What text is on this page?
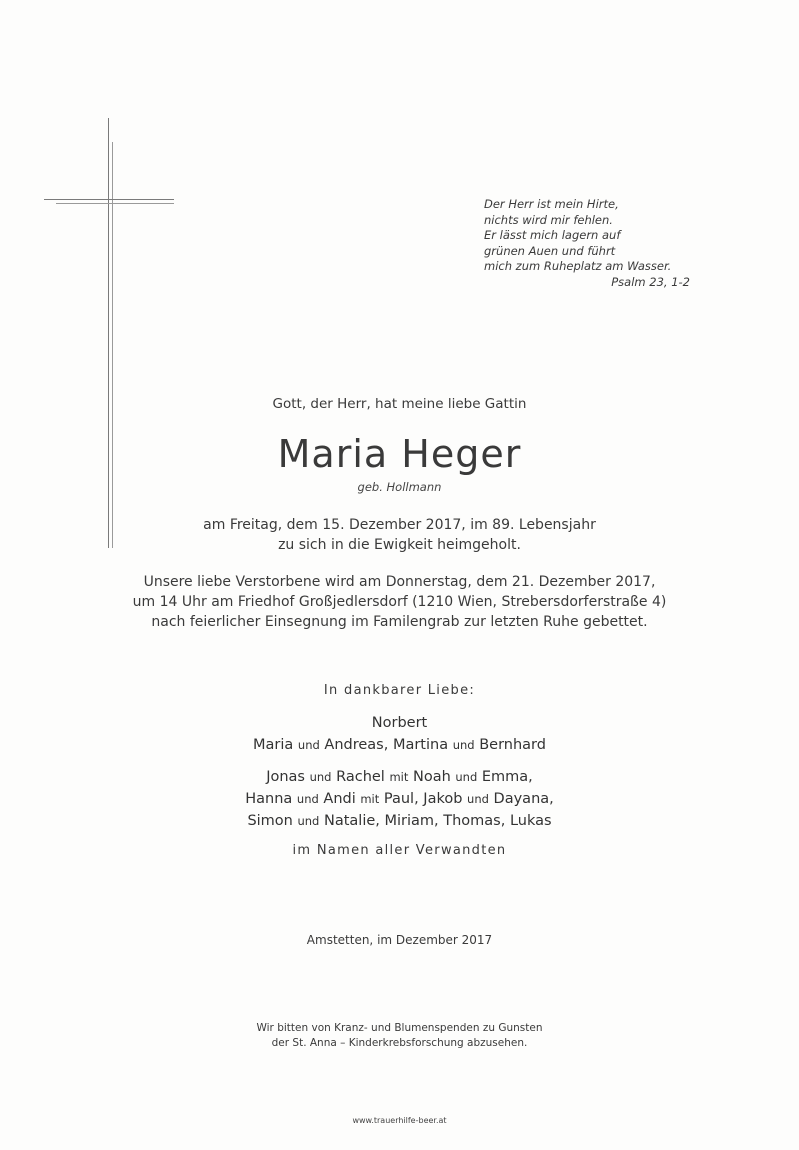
Der Herr ist mein Hirte,
nichts wird mir fehlen.
Er lässt mich lagern auf
grünen Auen und führt
mich zum Ruheplatz am Wasser.
Psalm 23, 1-2
Gott, der Herr, hat meine liebe Gattin
Maria Heger
geb. Hollmann
am Freitag, dem 15. Dezember 2017, im 89. Lebensjahr
zu sich in die Ewigkeit heimgeholt.
Unsere liebe Verstorbene wird am Donnerstag, dem 21. Dezember 2017,
um 14 Uhr am Friedhof Großjedlersdorf (1210 Wien, Strebersdorferstraße 4)
nach feierlicher Einsegnung im Familengrab zur letzten Ruhe gebettet.
In dankbarer Liebe:
Norbert
Maria und Andreas, Martina und Bernhard
Jonas und Rachel mit Noah und Emma,
Hanna und Andi mit Paul, Jakob und Dayana,
Simon und Natalie, Miriam, Thomas, Lukas
im Namen aller Verwandten
Amstetten, im Dezember 2017
Wir bitten von Kranz- und Blumenspenden zu Gunsten
der St. Anna – Kinderkrebsforschung abzusehen.
www.trauerhilfe-beer.at
